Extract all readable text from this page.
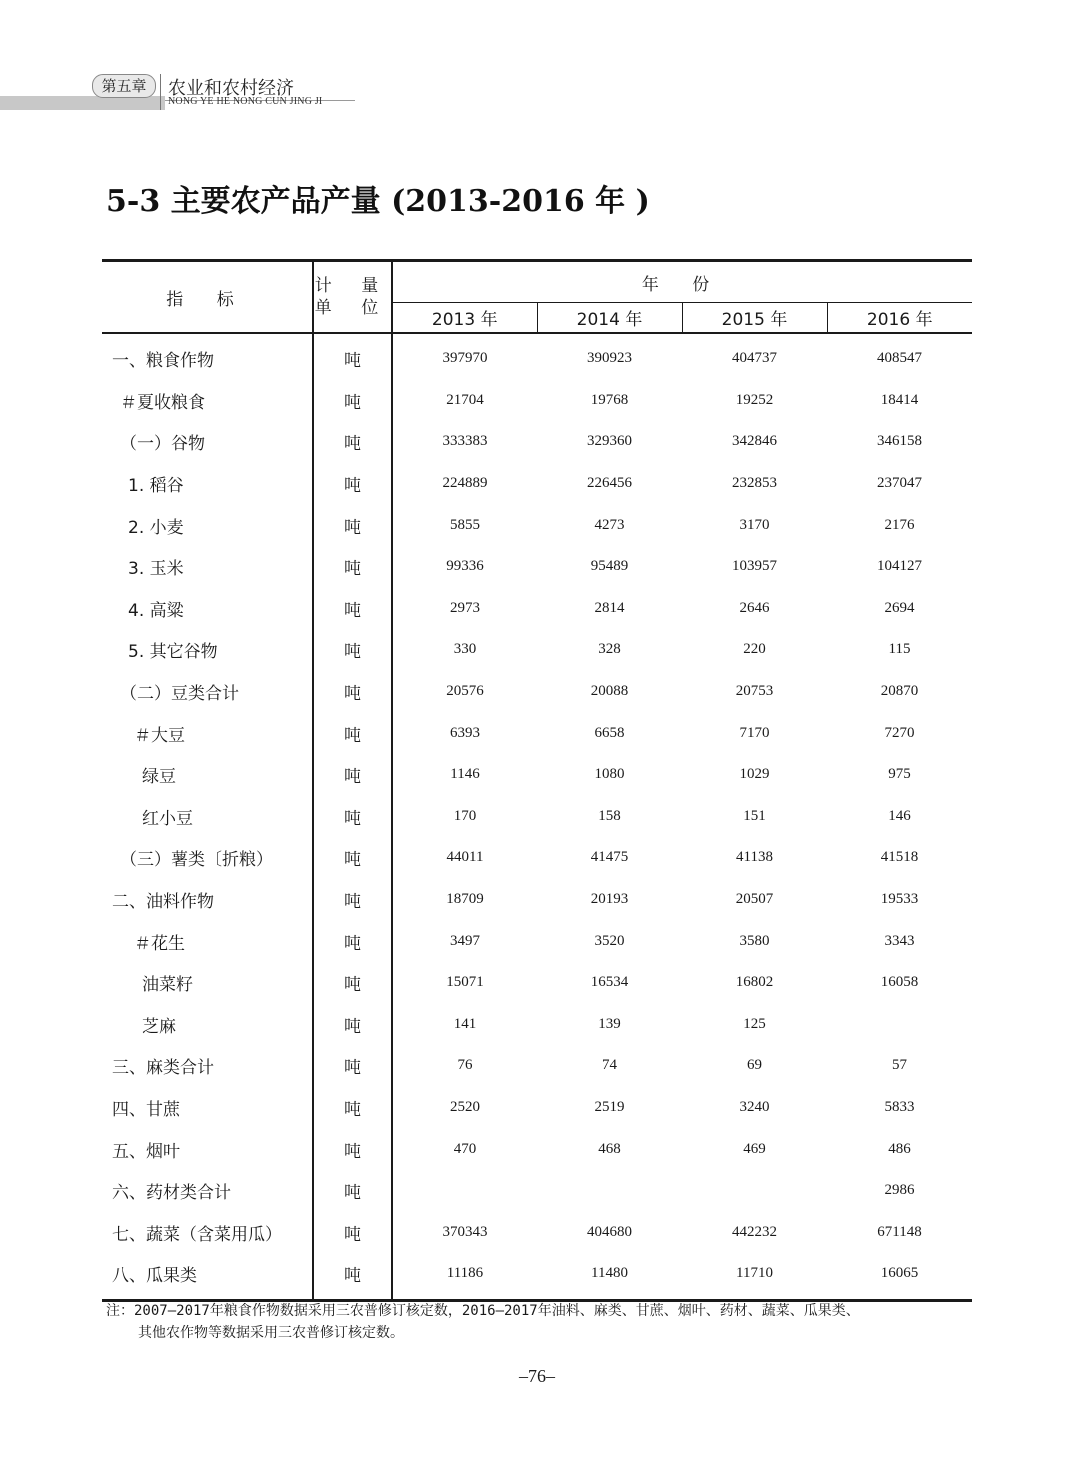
第五章	农业和农村经济
NONG YE HE NONG CUN JING JI
5-3 主要农产品产量 (2013-2016 年 )
指 标	计 量
单 位	年 份			
		2013 年	2014 年	2015 年	2016 年
一、粮食作物	吨	397970	390923	404737	408547
＃夏收粮食	吨	21704	19768	19252	18414
（一）谷物	吨	333383	329360	342846	346158
1. 稻谷	吨	224889	226456	232853	237047
2. 小麦	吨	5855	4273	3170	2176
3. 玉米	吨	99336	95489	103957	104127
4. 高粱	吨	2973	2814	2646	2694
5. 其它谷物	吨	330	328	220	115
（二）豆类合计	吨	20576	20088	20753	20870
＃大豆	吨	6393	6658	7170	7270
绿豆	吨	1146	1080	1029	975
红小豆	吨	170	158	151	146
（三）薯类〔折粮）	吨	44011	41475	41138	41518
二、油料作物	吨	18709	20193	20507	19533
＃花生	吨	3497	3520	3580	3343
油菜籽	吨	15071	16534	16802	16058
芝麻	吨	141	139	125	
三、麻类合计	吨	76	74	69	57
四、甘蔗	吨	2520	2519	3240	5833
五、烟叶	吨	470	468	469	486
六、药材类合计	吨				2986
七、蔬菜（含菜用瓜）	吨	370343	404680	442232	671148
八、瓜果类	吨	11186	11480	11710	16065
注：2007—2017年粮食作物数据采用三农普修订核定数，2016—2017年油料、麻类、甘蔗、烟叶、药材、蔬菜、瓜果类、
其他农作物等数据采用三农普修订核定数。
–76–
